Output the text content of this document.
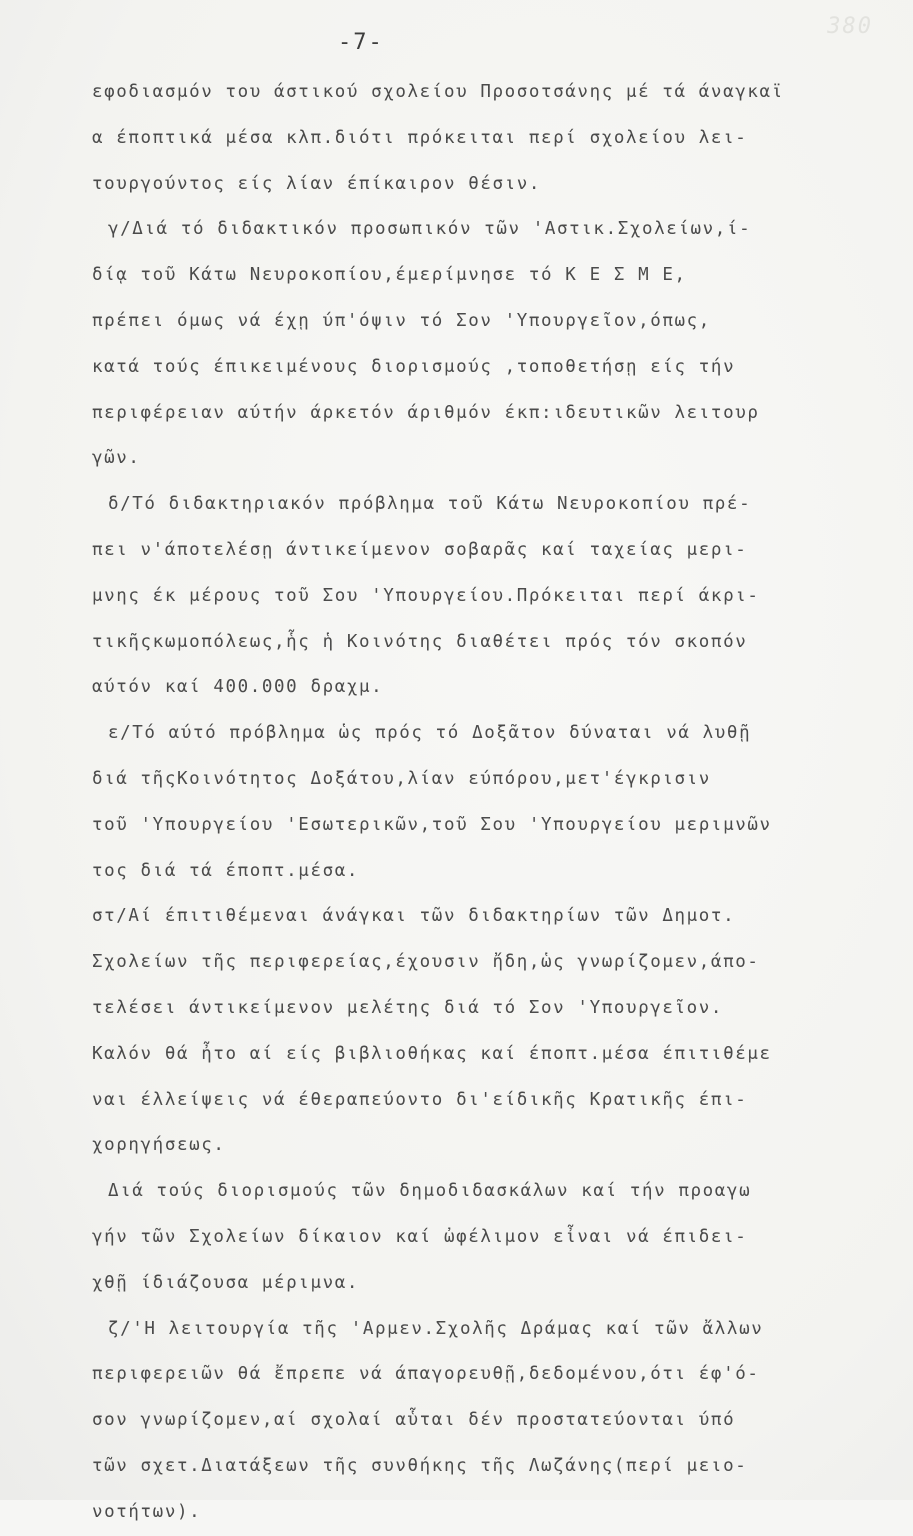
380
-7-
εφοδιασμόν του άστικού σχολείου Προσοτσάνης μέ τά άναγκαϊ
α έποπτικά μέσα κλπ.διότι πρόκειται περί σχολείου λει-
τουργούντος είς λίαν έπίκαιρον θέσιν.
γ/Διά τό διδακτικόν προσωπικόν τῶν 'Αστικ.Σχολείων,ί-
δίᾳ τοῦ Κάτω Νευροκοπίου,έμερίμνησε τό Κ Ε Σ Μ Ε,
πρέπει όμως νά έχῃ ύπ'όψιν τό Σον 'Υπουργεῖον,όπως,
κατά τούς έπικειμένους διορισμούς ,τοποθετήσῃ είς τήν
περιφέρειαν αύτήν άρκετόν άριθμόν έκπ:ιδευτικῶν λειτουρ
γῶν.
δ/Τό διδακτηριακόν πρόβλημα τοῦ Κάτω Νευροκοπίου πρέ-
πει ν'άποτελέσῃ άντικείμενον σοβαρᾶς καί ταχείας μερι-
μνης έκ μέρους τοῦ Σου 'Υπουργείου.Πρόκειται περί άκρι-
τικῆςκωμοπόλεως,ἧς ἡ Κοινότης διαθέτει πρός τόν σκοπόν
αύτόν καί 400.000 δραχμ.
ε/Τό αύτό πρόβλημα ὡς πρός τό Δοξᾶτον δύναται νά λυθῇ
διά τῆςΚοινότητος Δοξάτου,λίαν εύπόρου,μετ'έγκρισιν
τοῦ 'Υπουργείου 'Εσωτερικῶν,τοῦ Σου 'Υπουργείου μεριμνῶν
τος διά τά έποπτ.μέσα.
στ/Αί έπιτιθέμεναι άνάγκαι τῶν διδακτηρίων τῶν Δημοτ.
Σχολείων τῆς περιφερείας,έχουσιν ἤδη,ὡς γνωρίζομεν,άπο-
τελέσει άντικείμενον μελέτης διά τό Σον 'Υπουργεῖον.
Καλόν θά ἦτο αί είς βιβλιοθήκας καί έποπτ.μέσα έπιτιθέμε
ναι έλλείψεις νά έθεραπεύοντο δι'είδικῆς Κρατικῆς έπι-
χορηγήσεως.
Διά τούς διορισμούς τῶν δημοδιδασκάλων καί τήν προαγω
γήν τῶν Σχολείων δίκαιον καί ὠφέλιμον εἶναι νά έπιδει-
χθῇ ίδιάζουσα μέριμνα.
ζ/'Η λειτουργία τῆς 'Αρμεν.Σχολῆς Δράμας καί τῶν ἄλλων
περιφερειῶν θά ἔπρεπε νά άπαγορευθῇ,δεδομένου,ότι έφ'ό-
σον γνωρίζομεν,αί σχολαί αὗται δέν προστατεύονται ύπό
τῶν σχετ.Διατάξεων τῆς συνθήκης τῆς Λωζάνης(περί μειο-
νοτήτων).
